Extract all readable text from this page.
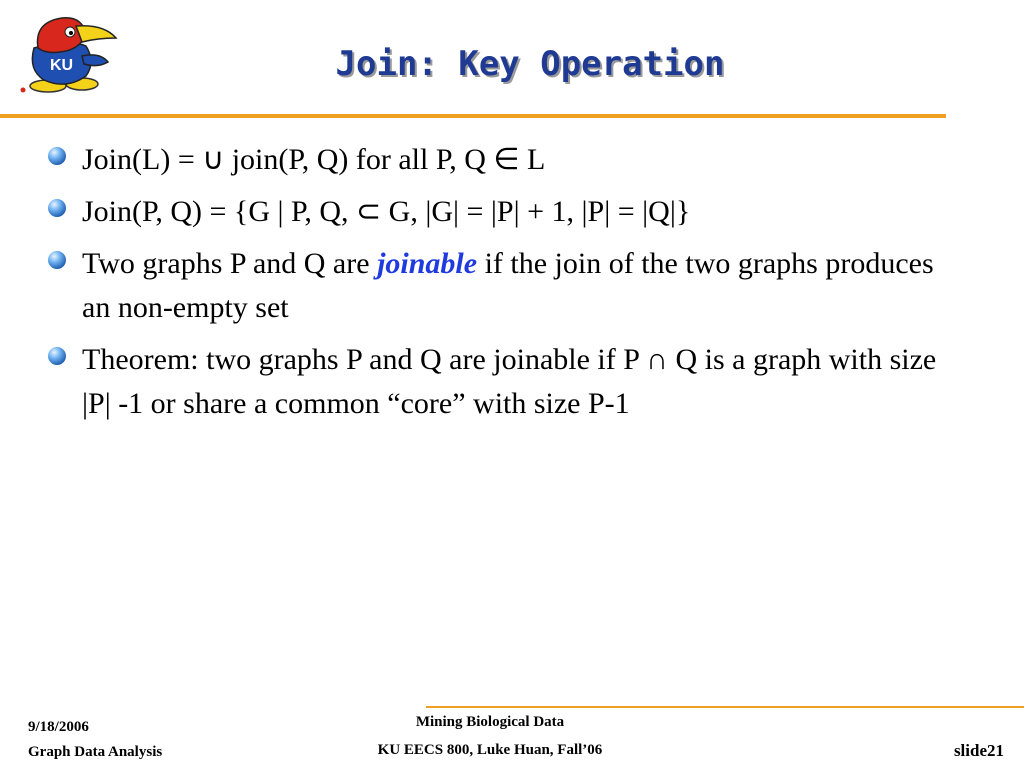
KU	Join: Key Operation
Join(L) = ∪ join(P, Q) for all P, Q ∈ L
Join(P, Q) = {G | P, Q, ⊂ G, |G| = |P| + 1, |P| = |Q|}
Two graphs P and Q are joinable if the join of the two graphs produces an non-empty set
Theorem: two graphs P and Q are joinable if P ∩ Q is a graph with size |P| -1 or share a common “core” with size P-1
9/18/2006
Graph Data Analysis
Mining Biological Data
KU EECS 800, Luke Huan, Fall’06	slide21
